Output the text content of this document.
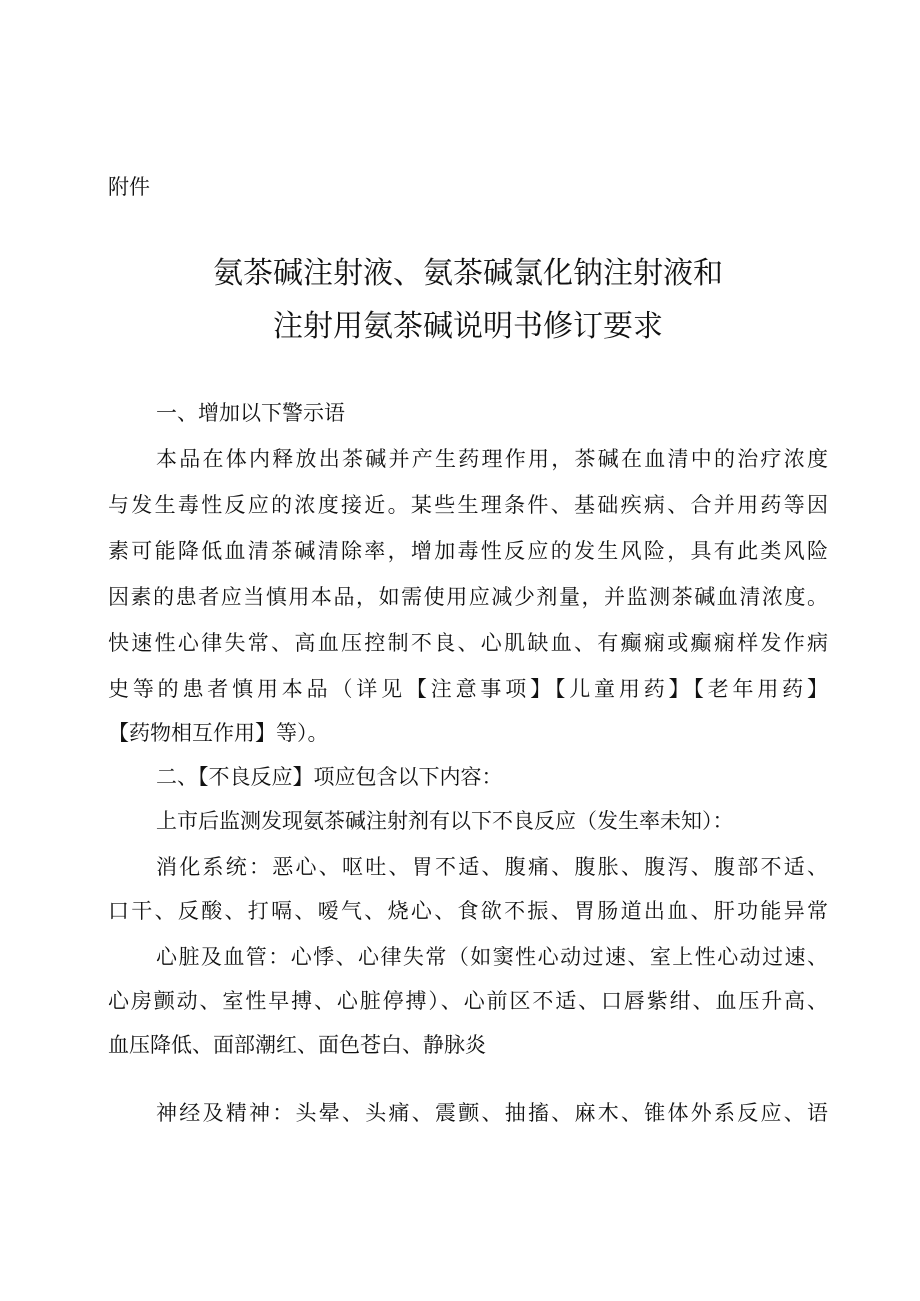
附件

氨茶碱注射液、氨茶碱氯化钠注射液和
注射用氨茶碱说明书修订要求

一、增加以下警示语

本品在体内释放出茶碱并产生药理作用，茶碱在血清中的治疗浓度

与发生毒性反应的浓度接近。某些生理条件、基础疾病、合并用药等因

素可能降低血清茶碱清除率，增加毒性反应的发生风险，具有此类风险

因素的患者应当慎用本品，如需使用应减少剂量，并监测茶碱血清浓度。

快速性心律失常、高血压控制不良、心肌缺血、有癫痫或癫痫样发作病

史等的患者慎用本品（详见【注意事项】【儿童用药】【老年用药】

【药物相互作用】等）。

二、【不良反应】项应包含以下内容：

上市后监测发现氨茶碱注射剂有以下不良反应（发生率未知）：

消化系统：恶心、呕吐、胃不适、腹痛、腹胀、腹泻、腹部不适、

口干、反酸、打嗝、嗳气、烧心、食欲不振、胃肠道出血、肝功能异常

心脏及血管：心悸、心律失常（如窦性心动过速、室上性心动过速、

心房颤动、室性早搏、心脏停搏）、心前区不适、口唇紫绀、血压升高、

血压降低、面部潮红、面色苍白、静脉炎

神经及精神：头晕、头痛、震颤、抽搐、麻木、锥体外系反应、语
